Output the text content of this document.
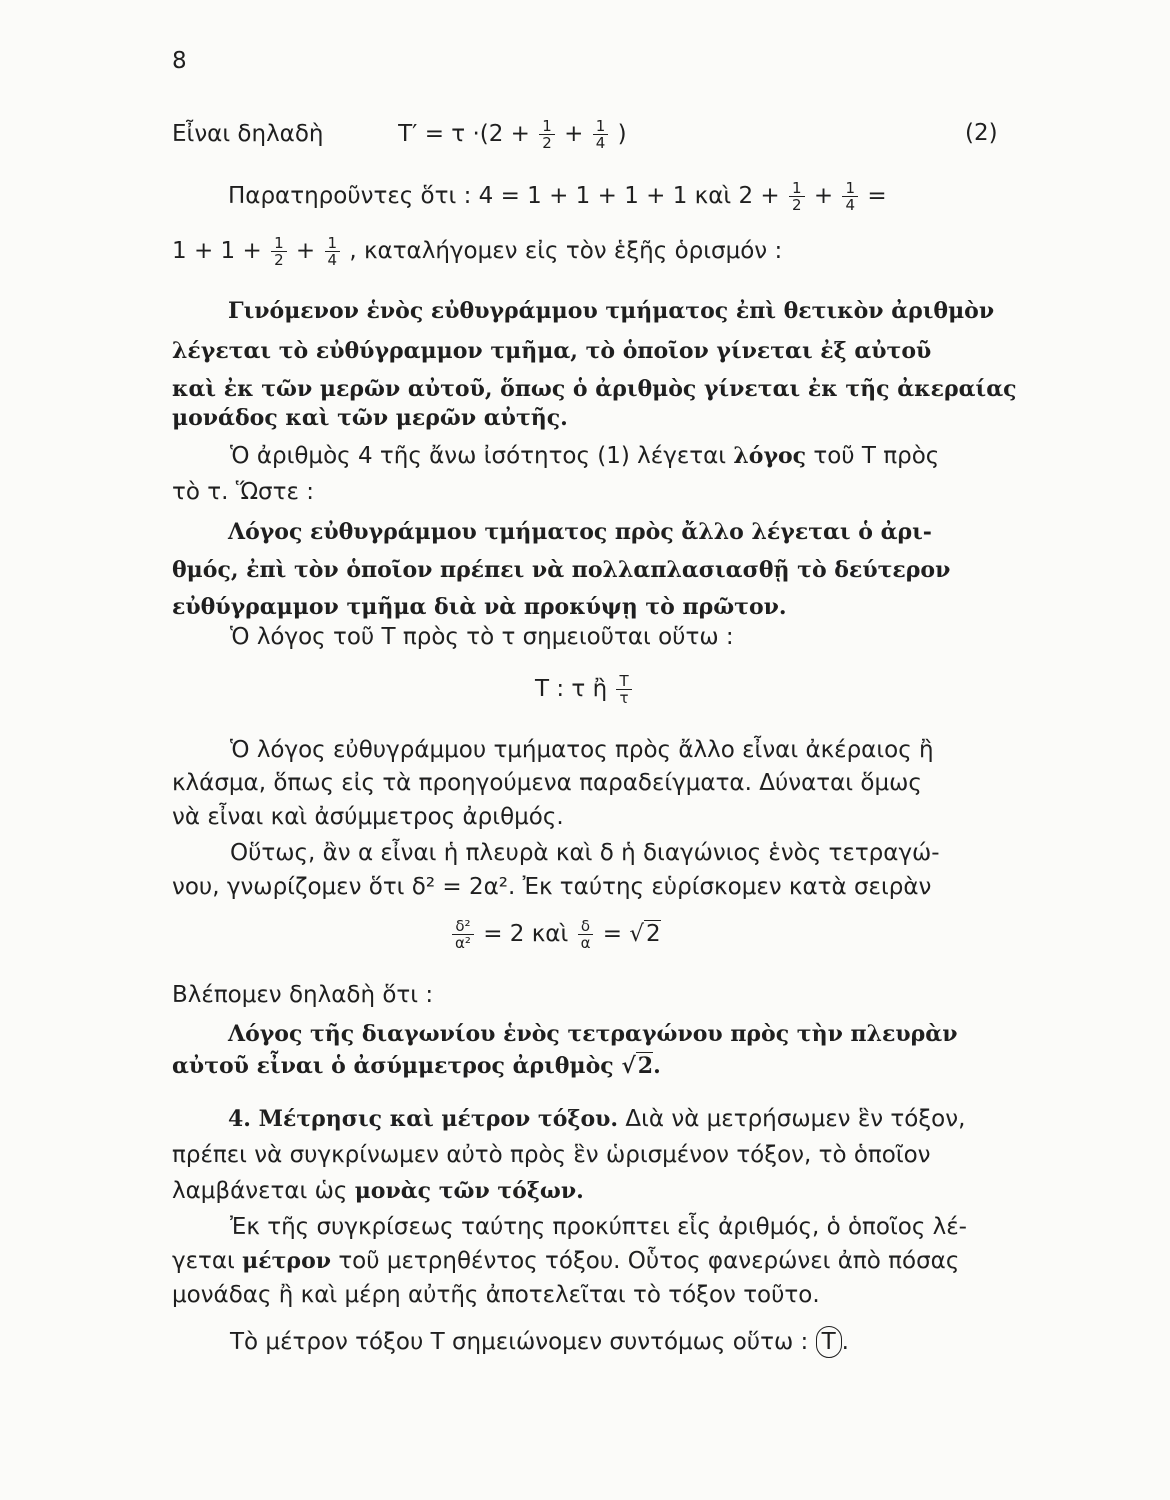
8
Εἶναι δηλαδὴ	$T' = \tau \cdot(2 + \frac{1}{2} + \frac{1}{4}$ )	(2)
Παρατηροῦντες ὅτι : 4 = 1 + 1 + 1 + 1 καὶ $2 + \frac{1}{2} + \frac{1}{4}$ =
$1 + 1 + \frac{1}{2} + \frac{1}{4}$ , καταλήγομεν εἰς τὸν ἑξῆς ὁρισμόν :
Γινόμενον ἑνὸς εὐθυγράμμου τμήματος ἐπὶ θετικὸν ἀριθμὸν
λέγεται τὸ εὐθύγραμμον τμῆμα, τὸ ὁποῖον γίνεται ἐξ αὐτοῦ
καὶ ἐκ τῶν μερῶν αὐτοῦ, ὅπως ὁ ἀριθμὸς γίνεται ἐκ τῆς ἀκεραίας
μονάδος καὶ τῶν μερῶν αὐτῆς.
Ὁ ἀριθμὸς 4 τῆς ἄνω ἰσότητος (1) λέγεται λόγος τοῦ T πρὸς
τὸ τ. Ὥστε :
Λόγος εὐθυγράμμου τμήματος πρὸς ἄλλο λέγεται ὁ ἀρι-
θμός, ἐπὶ τὸν ὁποῖον πρέπει νὰ πολλαπλασιασθῇ τὸ δεύτερον
εὐθύγραμμον τμῆμα διὰ νὰ προκύψῃ τὸ πρῶτον.
Ὁ λόγος τοῦ T πρὸς τὸ τ σημειοῦται οὕτω :
T : τ ἢ $\frac{T}{\tau}$
Ὁ λόγος εὐθυγράμμου τμήματος πρὸς ἄλλο εἶναι ἀκέραιος ἢ
κλάσμα, ὅπως εἰς τὰ προηγούμενα παραδείγματα. Δύναται ὅμως
νὰ εἶναι καὶ ἀσύμμετρος ἀριθμός.
Οὕτως, ἂν α εἶναι ἡ πλευρὰ καὶ δ ἡ διαγώνιος ἑνὸς τετραγώ-
νου, γνωρίζομεν ὅτι δ² = 2α². Ἐκ ταύτης εὑρίσκομεν κατὰ σειρὰν
$\frac{\text{δ²}}{\text{α²}} = 2$ καὶ $\frac{\delta}{\alpha} = √2$
Βλέπομεν δηλαδὴ ὅτι :
Λόγος τῆς διαγωνίου ἑνὸς τετραγώνου πρὸς τὴν πλευρὰν
αὐτοῦ εἶναι ὁ ἀσύμμετρος ἀριθμὸς √2.
4. Μέτρησις καὶ μέτρον τόξου. Διὰ νὰ μετρήσωμεν ἓν τόξον,
πρέπει νὰ συγκρίνωμεν αὐτὸ πρὸς ἓν ὡρισμένον τόξον, τὸ ὁποῖον
λαμβάνεται ὡς μονὰς τῶν τόξων.
Ἐκ τῆς συγκρίσεως ταύτης προκύπτει εἷς ἀριθμός, ὁ ὁποῖος λέ-
γεται μέτρον τοῦ μετρηθέντος τόξου. Οὗτος φανερώνει ἀπὸ πόσας
μονάδας ἢ καὶ μέρη αὐτῆς ἀποτελεῖται τὸ τόξον τοῦτο.
Τὸ μέτρον τόξου T σημειώνομεν συντόμως οὕτω : T .
